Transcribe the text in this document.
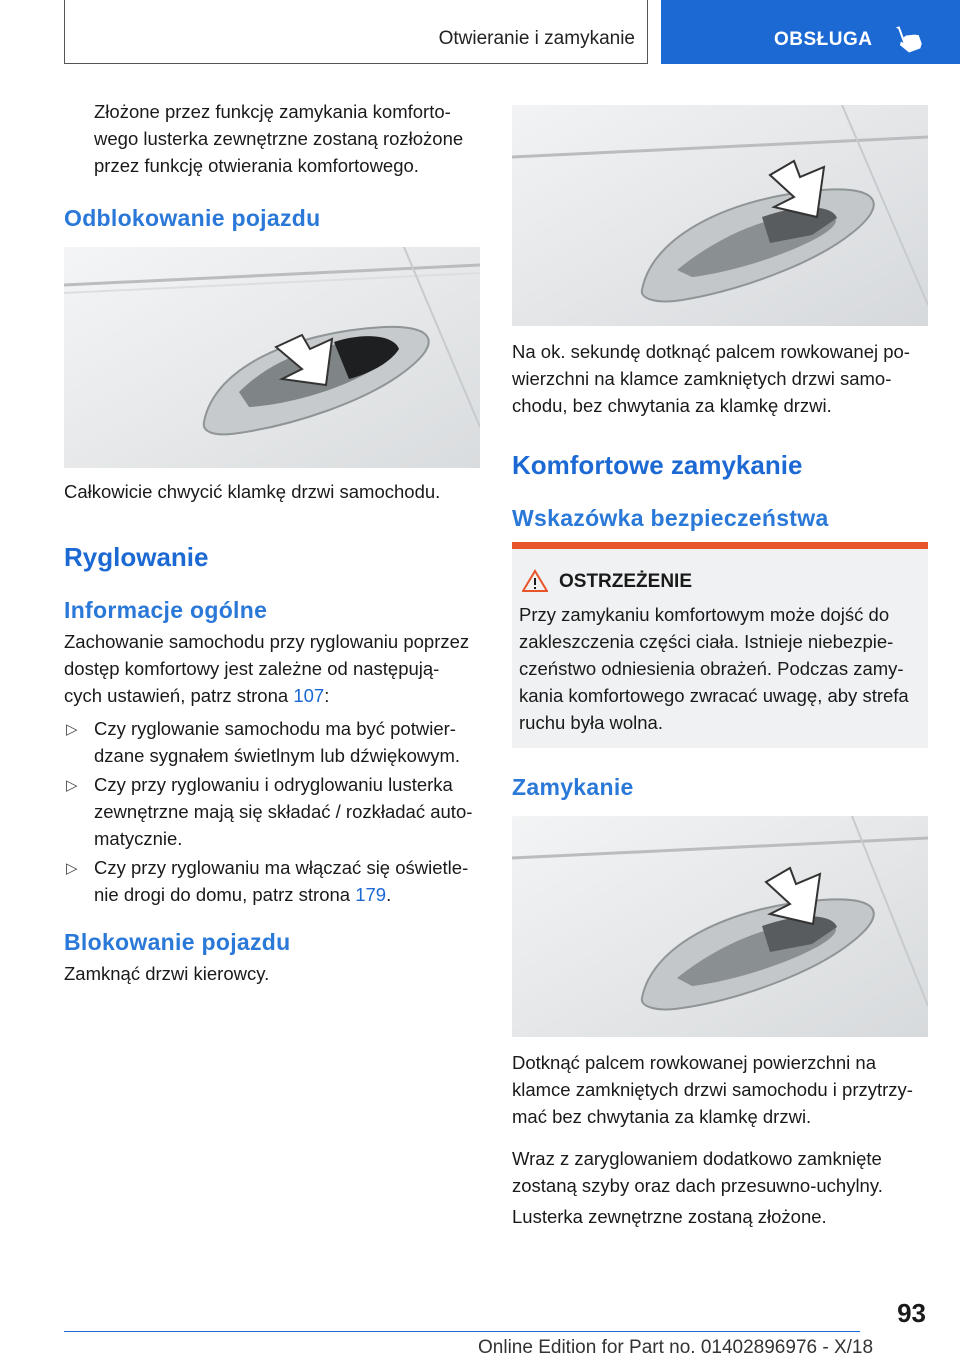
Otwieranie i zamykanie	OBSŁUGA

Złożone przez funkcję zamykania komforto-

wego lusterka zewnętrzne zostaną rozłożone

przez funkcję otwierania komfortowego.

Odblokowanie pojazdu

Całkowicie chwycić klamkę drzwi samochodu.

Ryglowanie
Informacje ogólne

Zachowanie samochodu przy ryglowaniu poprzez

dostęp komfortowy jest zależne od następują-

cych ustawień, patrz strona 107:

▷ Czy ryglowanie samochodu ma być potwier-

dzane sygnałem świetlnym lub dźwiękowym.

▷ Czy przy ryglowaniu i odryglowaniu lusterka

zewnętrzne mają się składać / rozkładać auto-

matycznie.

▷ Czy przy ryglowaniu ma włączać się oświetle-

nie drogi do domu, patrz strona 179.

Blokowanie pojazdu

Zamknąć drzwi kierowcy.

Na ok. sekundę dotknąć palcem rowkowanej po-

wierzchni na klamce zamkniętych drzwi samo-

chodu, bez chwytania za klamkę drzwi.

Komfortowe zamykanie
Wskazówka bezpieczeństwa
OSTRZEŻENIE

Przy zamykaniu komfortowym może dojść do

zakleszczenia części ciała. Istnieje niebezpie-

czeństwo odniesienia obrażeń. Podczas zamy-

kania komfortowego zwracać uwagę, aby strefa

ruchu była wolna.

Zamykanie

Dotknąć palcem rowkowanej powierzchni na

klamce zamkniętych drzwi samochodu i przytrzy-

mać bez chwytania za klamkę drzwi.

Wraz z zaryglowaniem dodatkowo zamknięte

zostaną szyby oraz dach przesuwno-uchylny.

Lusterka zewnętrzne zostaną złożone.

93
Online Edition for Part no. 01402896976 - X/18
